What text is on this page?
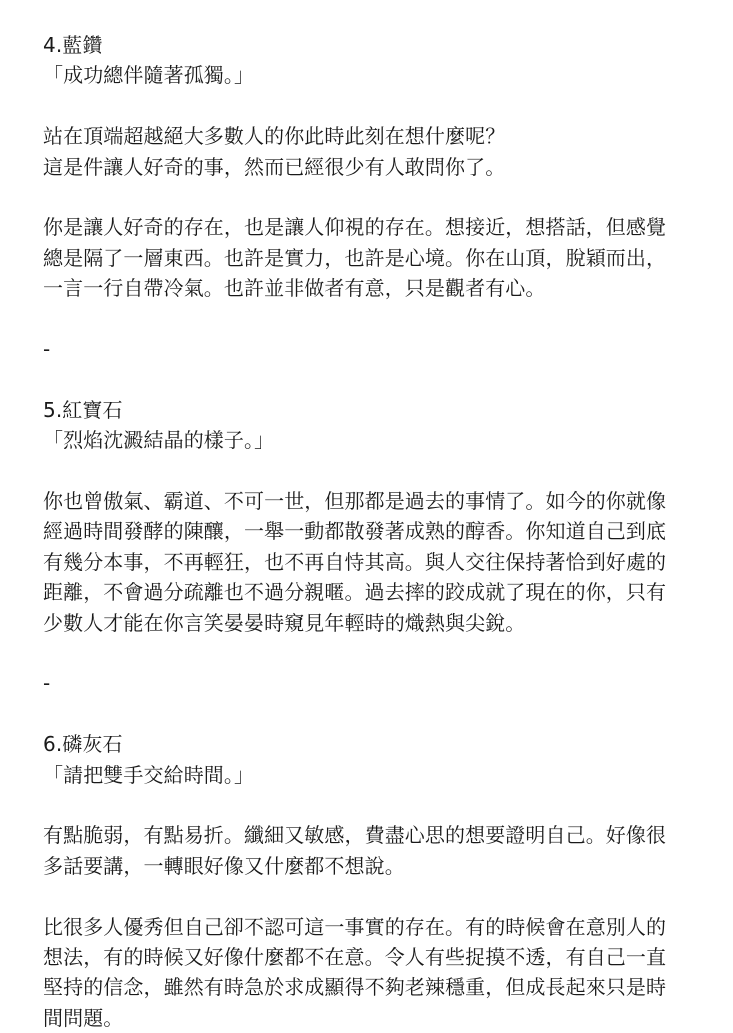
4.藍鑽
「成功總伴隨著孤獨。」
站在頂端超越絕大多數人的你此時此刻在想什麼呢？
這是件讓人好奇的事，然而已經很少有人敢問你了。
你是讓人好奇的存在，也是讓人仰視的存在。想接近，想搭話，但感覺
總是隔了一層東西。也許是實力，也許是心境。你在山頂，脫穎而出，
一言一行自帶冷氣。也許並非做者有意，只是觀者有心。
-
5.紅寶石
「烈焰沈澱結晶的樣子。」
你也曾傲氣、霸道、不可一世，但那都是過去的事情了。如今的你就像
經過時間發酵的陳釀，一舉一動都散發著成熟的醇香。你知道自己到底
有幾分本事，不再輕狂，也不再自恃其高。與人交往保持著恰到好處的
距離，不會過分疏離也不過分親暱。過去摔的跤成就了現在的你，只有
少數人才能在你言笑晏晏時窺見年輕時的熾熱與尖銳。
-
6.磷灰石
「請把雙手交給時間。」
有點脆弱，有點易折。纖細又敏感，費盡心思的想要證明自己。好像很
多話要講，一轉眼好像又什麼都不想說。
比很多人優秀但自己卻不認可這一事實的存在。有的時候會在意別人的
想法，有的時候又好像什麼都不在意。令人有些捉摸不透，有自己一直
堅持的信念，雖然有時急於求成顯得不夠老辣穩重，但成長起來只是時
間問題。
